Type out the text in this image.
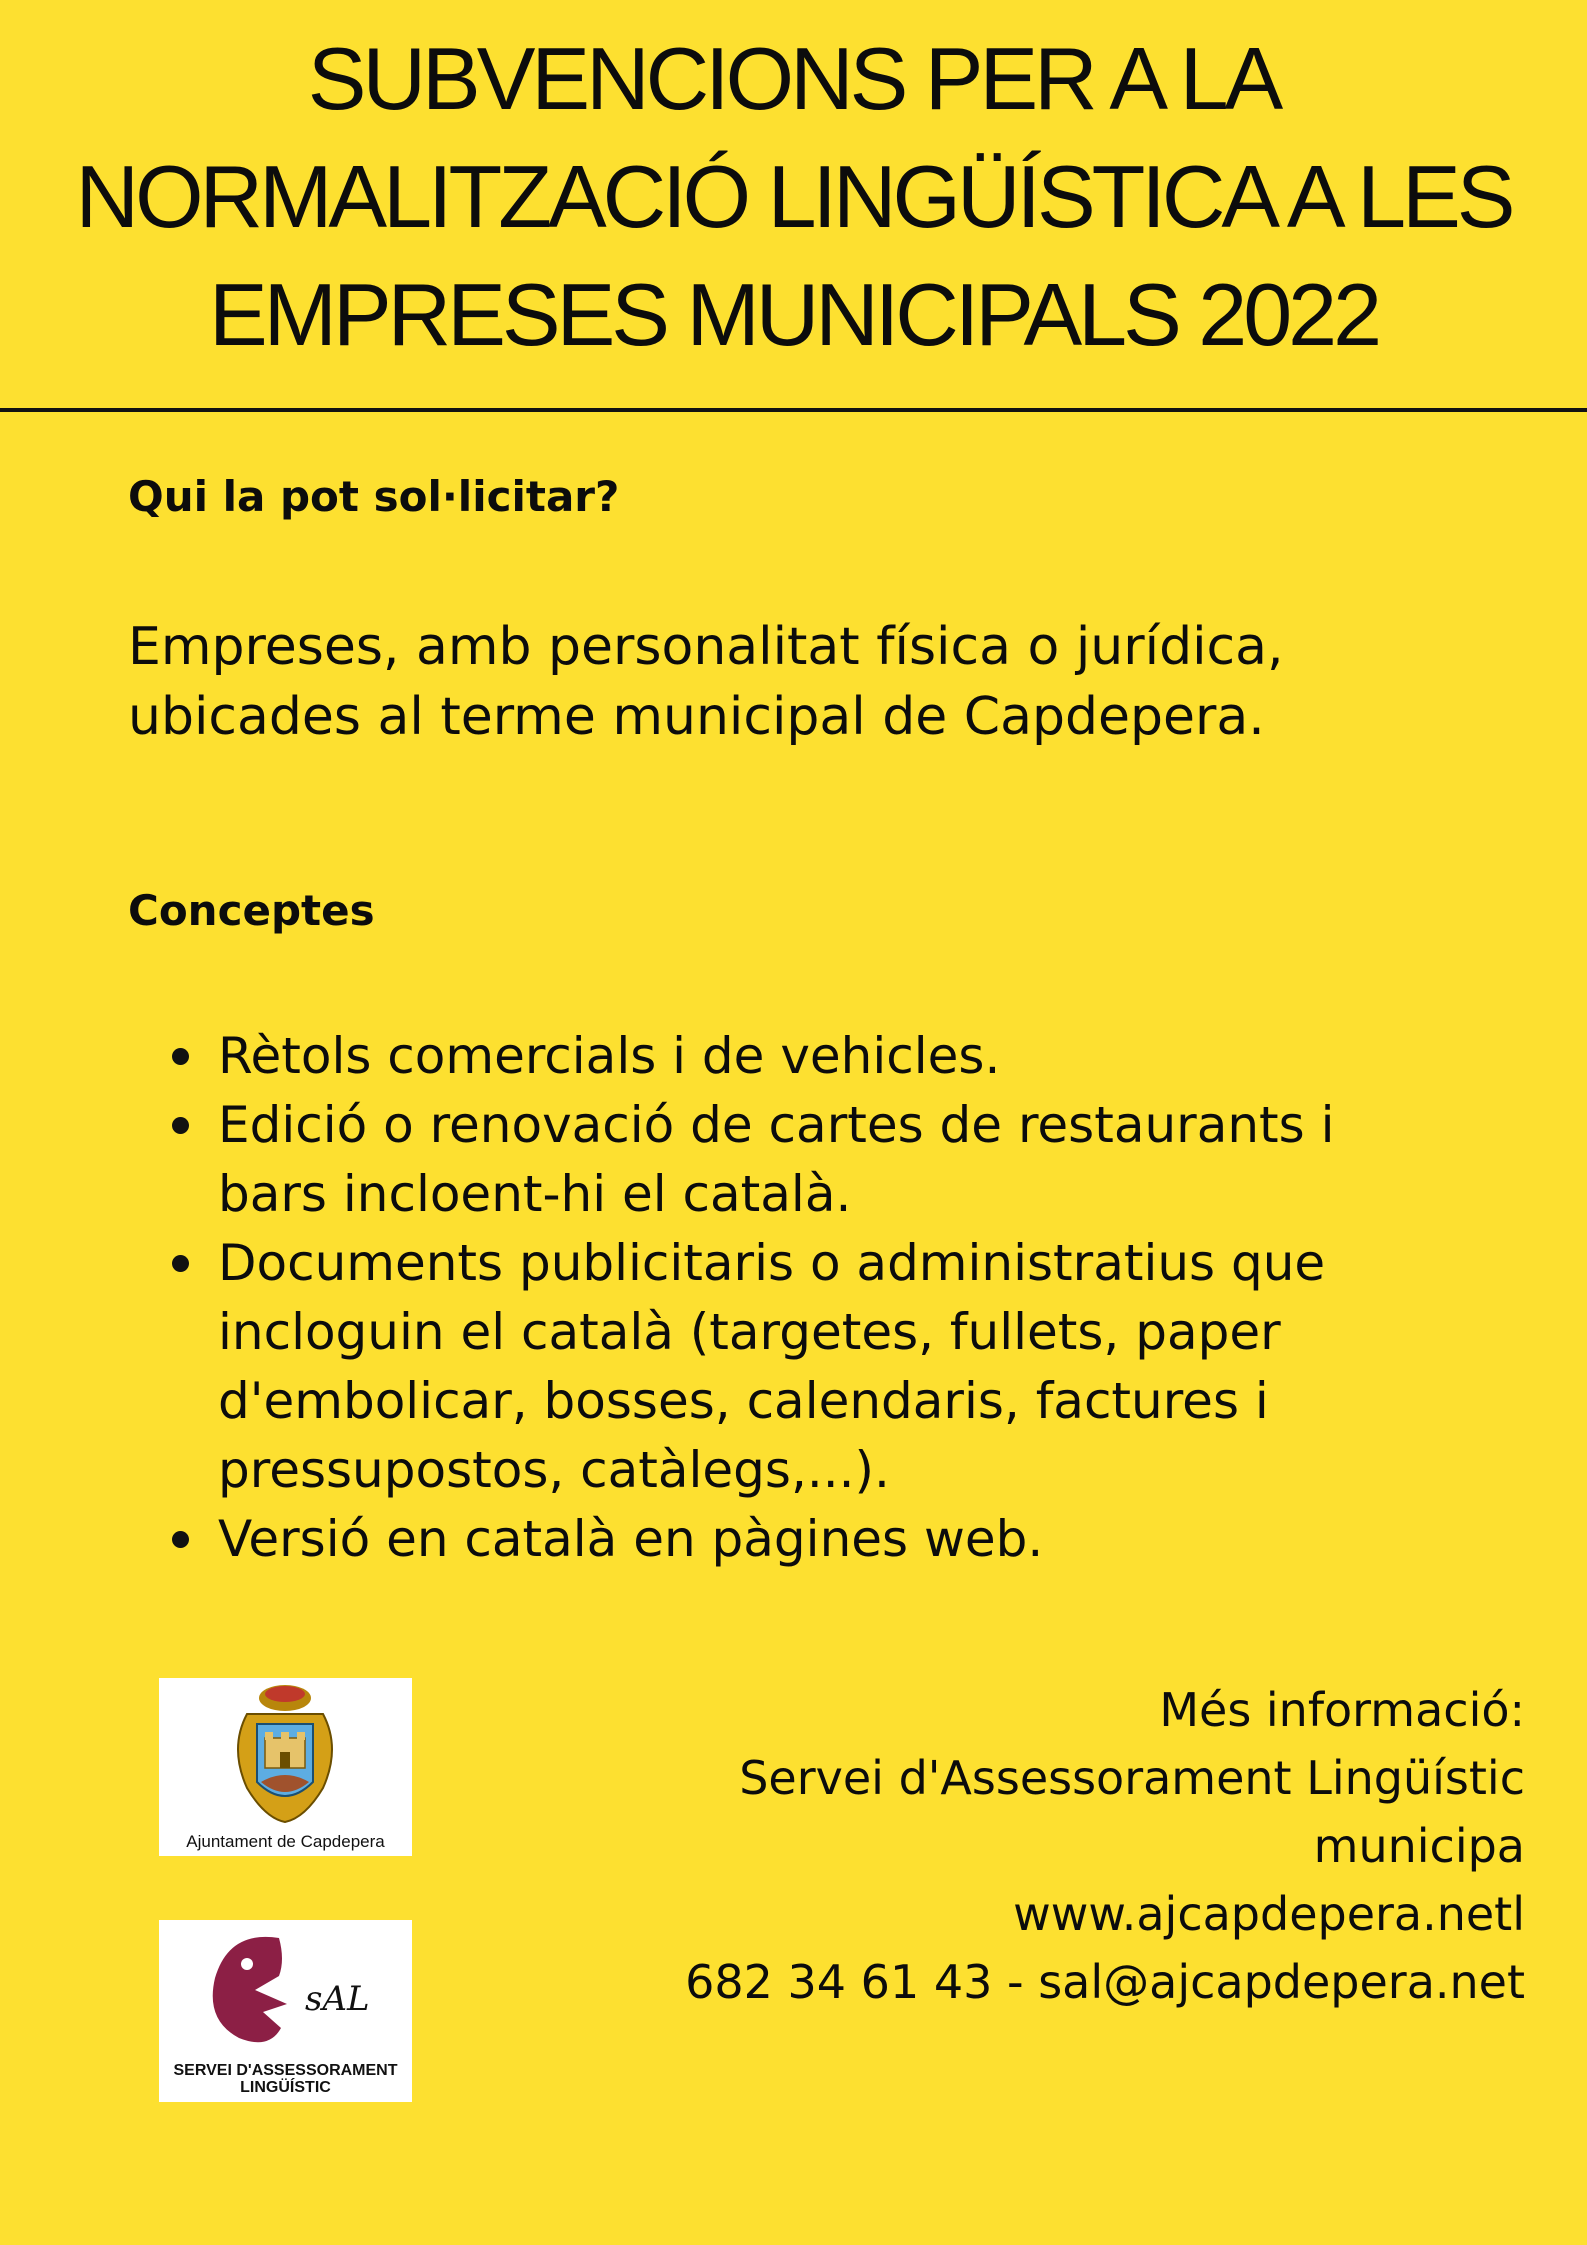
SUBVENCIONS PER A LA
NORMALITZACIÓ LINGÜÍSTICA A LES
EMPRESES MUNICIPALS 2022
Qui la pot sol·licitar?

Empreses, amb personalitat física o jurídica,
ubicades al terme municipal de Capdepera.

Conceptes
Rètols comercials i de vehicles.
Edició o renovació de cartes de restaurants i
bars incloent-hi el català.
Documents publicitaris o administratius que
incloguin el català (targetes, fullets, paper
d'embolicar, bosses, calendaris, factures i
pressupostos, catàlegs,...).
Versió en català en pàgines web.
Ajuntament de Capdepera
sAL
SERVEI D'ASSESSORAMENT
LINGÜÍSTIC

Més informació:
Servei d'Assessorament Lingüístic
municipa
www.ajcapdepera.netl
682 34 61 43 - sal@ajcapdepera.net
